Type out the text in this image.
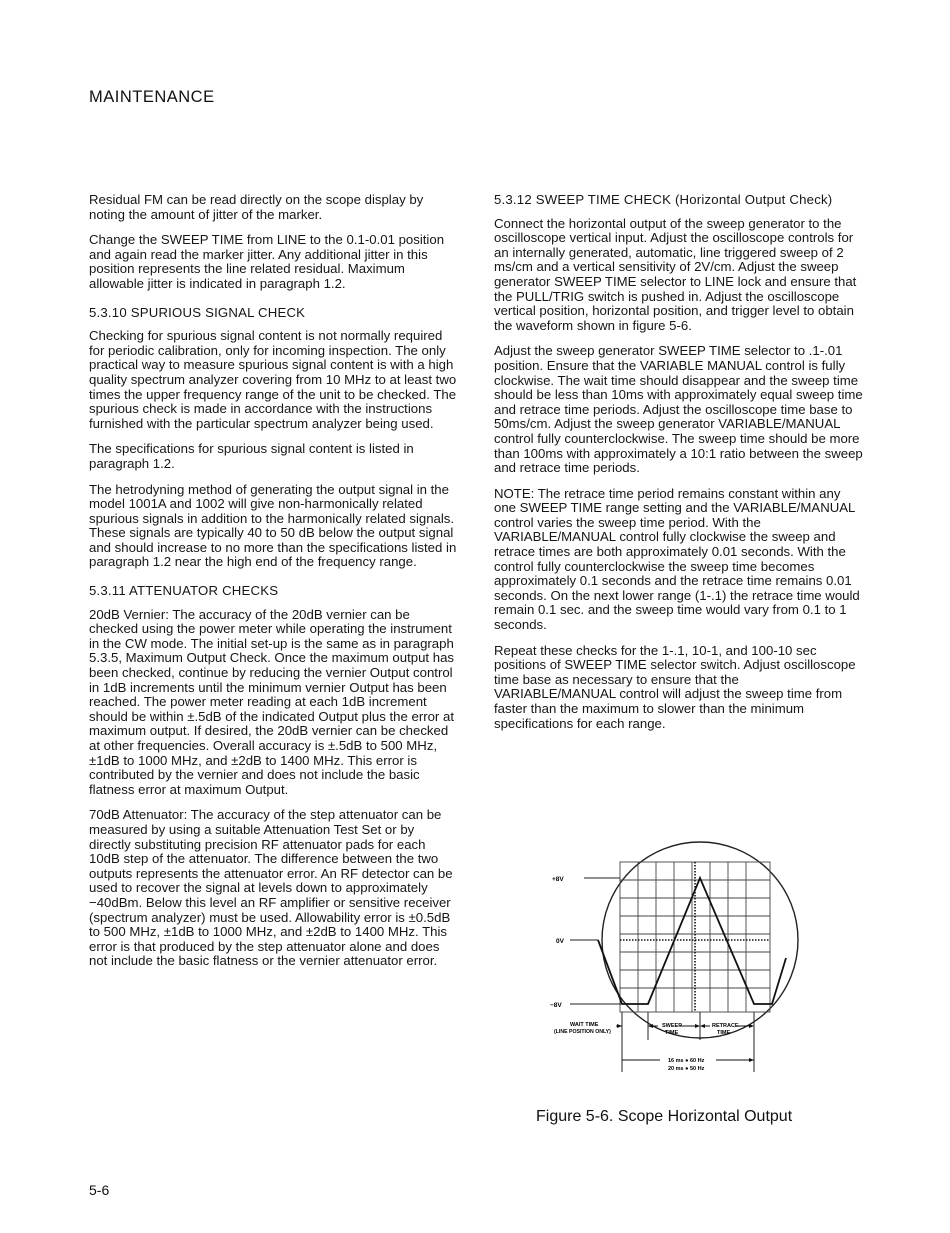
MAINTENANCE

Residual FM can be read directly on the scope display by noting the amount of jitter of the marker.

Change the SWEEP TIME from LINE to the 0.1-0.01 position and again read the marker jitter. Any additional jitter in this position represents the line related residual. Maximum allowable jitter is indicated in paragraph 1.2.

5.3.10 SPURIOUS SIGNAL CHECK

Checking for spurious signal content is not normally required for periodic calibration, only for incoming inspection. The only practical way to measure spurious signal content is with a high quality spectrum analyzer covering from 10 MHz to at least two times the upper frequency range of the unit to be checked. The spurious check is made in accordance with the instructions furnished with the particular spectrum analyzer being used.

The specifications for spurious signal content is listed in paragraph 1.2.

The hetrodyning method of generating the output signal in the model 1001A and 1002 will give non-harmonically related spurious signals in addition to the harmonically related signals. These signals are typically 40 to 50 dB below the output signal and should increase to no more than the specifications listed in paragraph 1.2 near the high end of the frequency range.

5.3.11 ATTENUATOR CHECKS

20dB Vernier: The accuracy of the 20dB vernier can be checked using the power meter while operating the instrument in the CW mode. The initial set-up is the same as in paragraph 5.3.5, Maximum Output Check. Once the maximum output has been checked, continue by reducing the vernier Output control in 1dB increments until the minimum vernier Output has been reached. The power meter reading at each 1dB increment should be within ±.5dB of the indicated Output plus the error at maximum output. If desired, the 20dB vernier can be checked at other frequencies. Overall accuracy is ±.5dB to 500 MHz, ±1dB to 1000 MHz, and ±2dB to 1400 MHz. This error is contributed by the vernier and does not include the basic flatness error at maximum Output.

70dB Attenuator: The accuracy of the step attenuator can be measured by using a suitable Attenuation Test Set or by directly substituting precision RF attenuator pads for each 10dB step of the attenuator. The difference between the two outputs represents the attenuator error. An RF detector can be used to recover the signal at levels down to approximately −40dBm. Below this level an RF amplifier or sensitive receiver (spectrum analyzer) must be used. Allowability error is ±0.5dB to 500 MHz, ±1dB to 1000 MHz, and ±2dB to 1400 MHz. This error is that produced by the step attenuator alone and does not include the basic flatness or the vernier attenuator error.

5.3.12 SWEEP TIME CHECK (Horizontal Output Check)

Connect the horizontal output of the sweep generator to the oscilloscope vertical input. Adjust the oscilloscope controls for an internally generated, automatic, line triggered sweep of 2 ms/cm and a vertical sensitivity of 2V/cm. Adjust the sweep generator SWEEP TIME selector to LINE lock and ensure that the PULL/TRIG switch is pushed in. Adjust the oscilloscope vertical position, horizontal position, and trigger level to obtain the waveform shown in figure 5-6.

Adjust the sweep generator SWEEP TIME selector to .1-.01 position. Ensure that the VARIABLE MANUAL control is fully clockwise. The wait time should disappear and the sweep time should be less than 10ms with approximately equal sweep time and retrace time periods. Adjust the oscilloscope time base to 50ms/cm. Adjust the sweep generator VARIABLE/MANUAL control fully counterclockwise. The sweep time should be more than 100ms with approximately a 10:1 ratio between the sweep and retrace time periods.

NOTE: The retrace time period remains constant within any one SWEEP TIME range setting and the VARIABLE/MANUAL control varies the sweep time period. With the VARIABLE/MANUAL control fully clockwise the sweep and retrace times are both approximately 0.01 seconds. With the control fully counterclockwise the sweep time becomes approximately 0.1 seconds and the retrace time remains 0.01 seconds. On the next lower range (1-.1) the retrace time would remain 0.1 sec. and the sweep time would vary from 0.1 to 1 seconds.

Repeat these checks for the 1-.1, 10-1, and 100-10 sec positions of SWEEP TIME selector switch. Adjust oscilloscope time base as necessary to ensure that the VARIABLE/MANUAL control will adjust the sweep time from faster than the maximum to slower than the minimum specifications for each range.

+8V
0V
−8V
WAIT TIME
(LINE POSITION ONLY)
SWEEP
TIME
RETRACE
TIME
16 ms ● 60 Hz
20 ms ● 50 Hz
Figure 5-6. Scope Horizontal Output
5-6
